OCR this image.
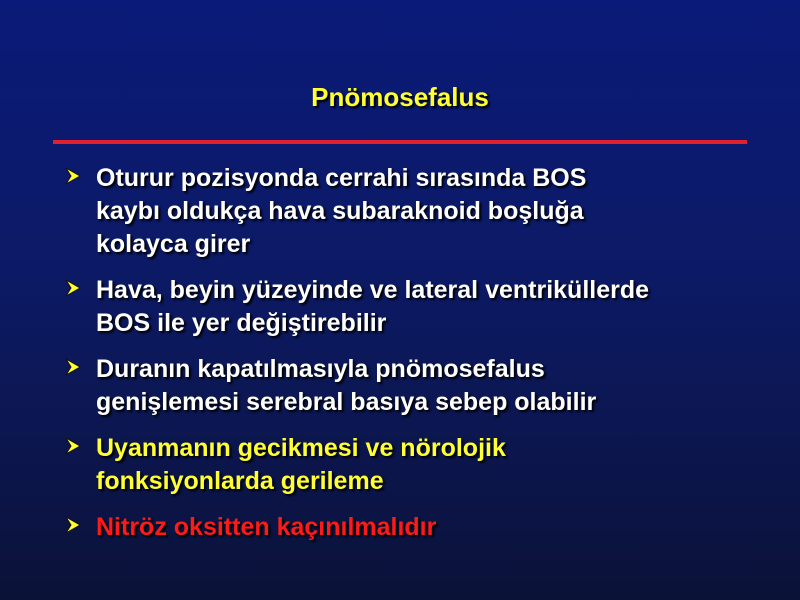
Pnömosefalus
Oturur pozisyonda cerrahi sırasında BOS
kaybı oldukça hava subaraknoid boşluğa
kolayca girer
Hava, beyin yüzeyinde ve lateral ventriküllerde
BOS ile yer değiştirebilir
Duranın kapatılmasıyla pnömosefalus
genişlemesi serebral basıya sebep olabilir
Uyanmanın gecikmesi ve nörolojik
fonksiyonlarda gerileme
Nitröz oksitten kaçınılmalıdır
